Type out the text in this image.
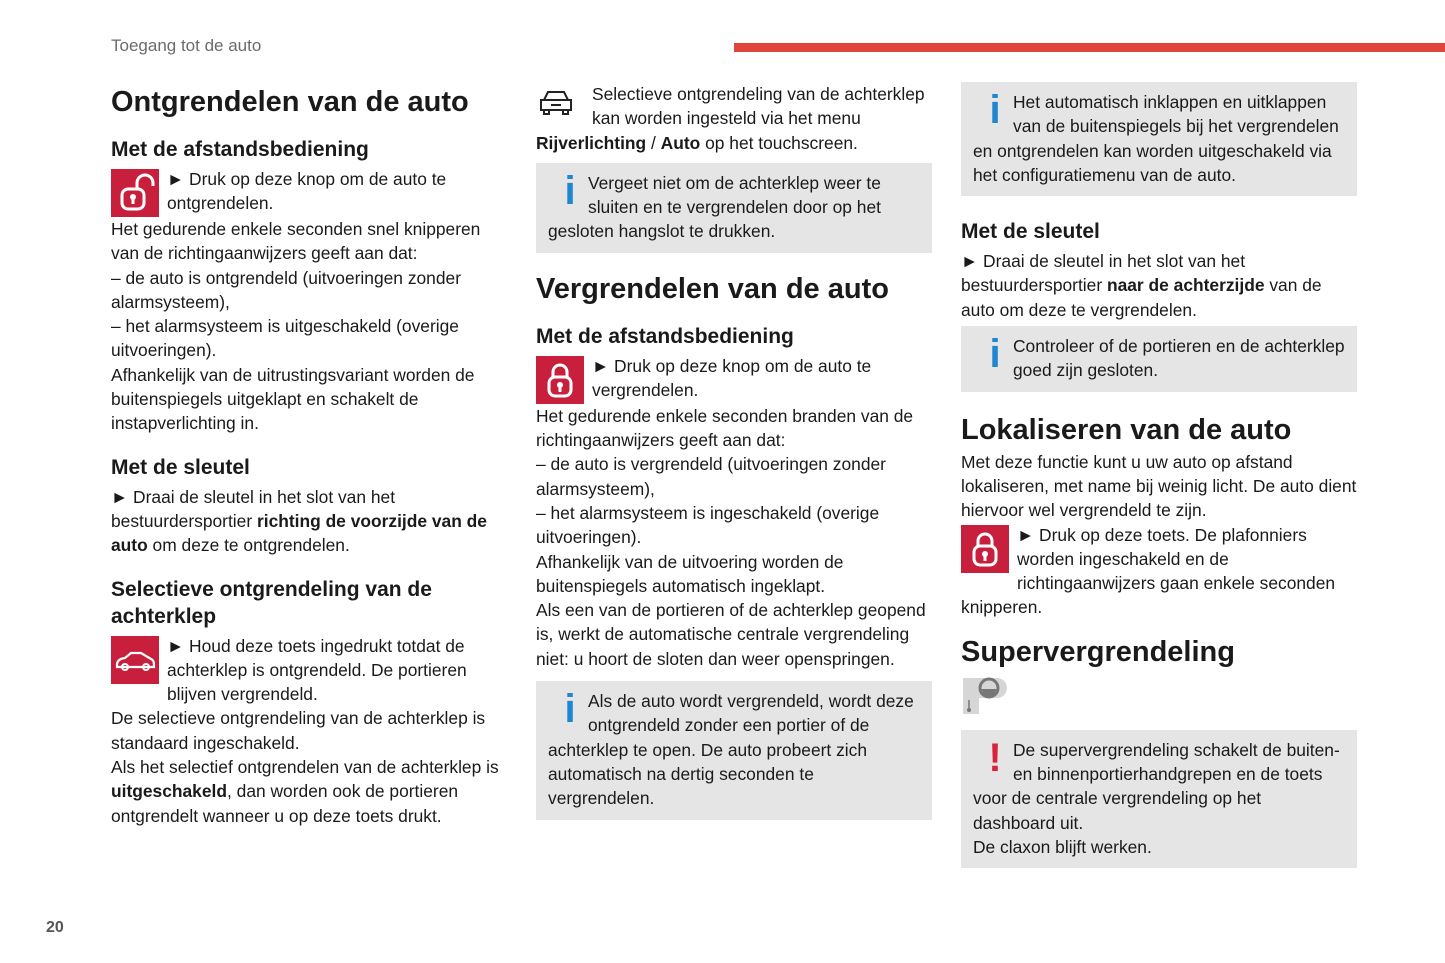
Toegang tot de auto
20
Ontgrendelen van de auto
Met de afstandsbediening

► Druk op deze knop om de auto te ontgrendelen.

Het gedurende enkele seconden snel knipperen van de richtingaanwijzers geeft aan dat:

– de auto is ontgrendeld (uitvoeringen zonder alarmsysteem),

– het alarmsysteem is uitgeschakeld (overige uitvoeringen).

Afhankelijk van de uitrustingsvariant worden de buitenspiegels uitgeklapt en schakelt de instapverlichting in.

Met de sleutel

► Draai de sleutel in het slot van het bestuurdersportier richting de voorzijde van de auto om deze te ontgrendelen.

Selectieve ontgrendeling van de achterklep

► Houd deze toets ingedrukt totdat de achterklep is ontgrendeld. De portieren blijven vergrendeld.

De selectieve ontgrendeling van de achterklep is standaard ingeschakeld.

Als het selectief ontgrendelen van de achterklep is uitgeschakeld, dan worden ook de portieren ontgrendelt wanneer u op deze toets drukt.

Selectieve ontgrendeling van de achterklep kan worden ingesteld via het menu Rijverlichting / Auto op het touchscreen.

i Vergeet niet om de achterklep weer te sluiten en te vergrendelen door op het gesloten hangslot te drukken.

Vergrendelen van de auto
Met de afstandsbediening

► Druk op deze knop om de auto te vergrendelen.

Het gedurende enkele seconden branden van de richtingaanwijzers geeft aan dat:

– de auto is vergrendeld (uitvoeringen zonder alarmsysteem),

– het alarmsysteem is ingeschakeld (overige uitvoeringen).

Afhankelijk van de uitvoering worden de buitenspiegels automatisch ingeklapt.

Als een van de portieren of de achterklep geopend is, werkt de automatische centrale vergrendeling niet: u hoort de sloten dan weer openspringen.

i Als de auto wordt vergrendeld, wordt deze ontgrendeld zonder een portier of de achterklep te open. De auto probeert zich automatisch na dertig seconden te vergrendelen.

i Het automatisch inklappen en uitklappen van de buitenspiegels bij het vergrendelen en ontgrendelen kan worden uitgeschakeld via het configuratiemenu van de auto.

Met de sleutel

► Draai de sleutel in het slot van het bestuurdersportier naar de achterzijde van de auto om deze te vergrendelen.

i Controleer of de portieren en de achterklep goed zijn gesloten.

Lokaliseren van de auto

Met deze functie kunt u uw auto op afstand lokaliseren, met name bij weinig licht. De auto dient hiervoor wel vergrendeld te zijn.

► Druk op deze toets. De plafonniers worden ingeschakeld en de richtingaanwijzers gaan enkele seconden knipperen.

Supervergrendeling
! De supervergrendeling schakelt de buiten- en binnenportierhandgrepen en de toets voor de centrale vergrendeling op het dashboard uit.

De claxon blijft werken.
